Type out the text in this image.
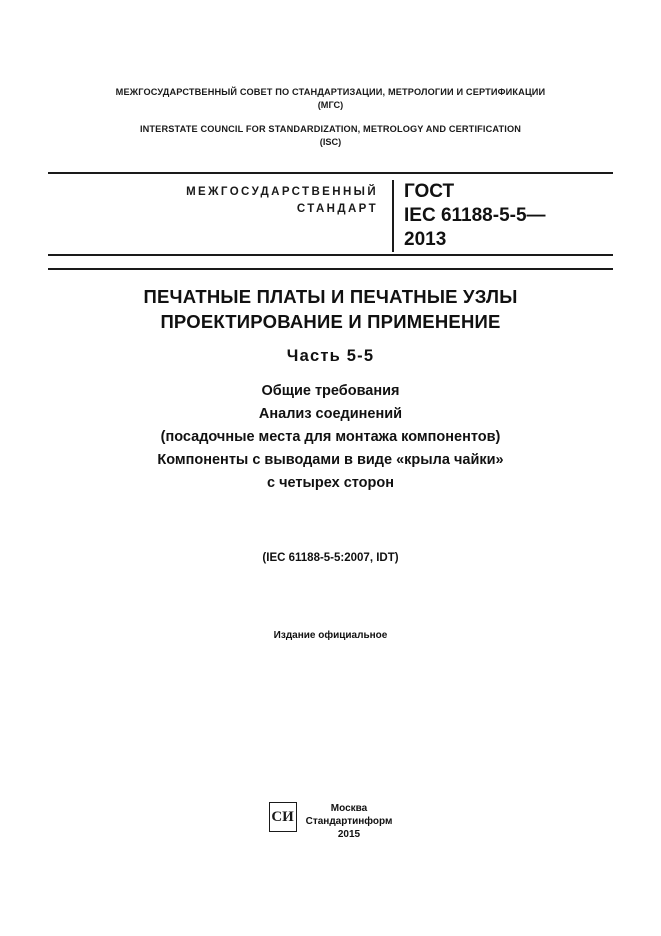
МЕЖГОСУДАРСТВЕННЫЙ СОВЕТ ПО СТАНДАРТИЗАЦИИ, МЕТРОЛОГИИ И СЕРТИФИКАЦИИ
(МГС)
INTERSTATE COUNCIL FOR STANDARDIZATION, METROLOGY AND CERTIFICATION
(ISC)
МЕЖГОСУДАРСТВЕННЫЙ
СТАНДАРТ
ГОСТ
IEC 61188-5-5—
2013
ПЕЧАТНЫЕ ПЛАТЫ И ПЕЧАТНЫЕ УЗЛЫ
ПРОЕКТИРОВАНИЕ И ПРИМЕНЕНИЕ
Часть 5-5
Общие требования
Анализ соединений
(посадочные места для монтажа компонентов)
Компоненты с выводами в виде «крыла чайки»
с четырех сторон
(IEC 61188-5-5:2007, IDT)
Издание официальное
СИ	Москва
Стандартинформ
2015
